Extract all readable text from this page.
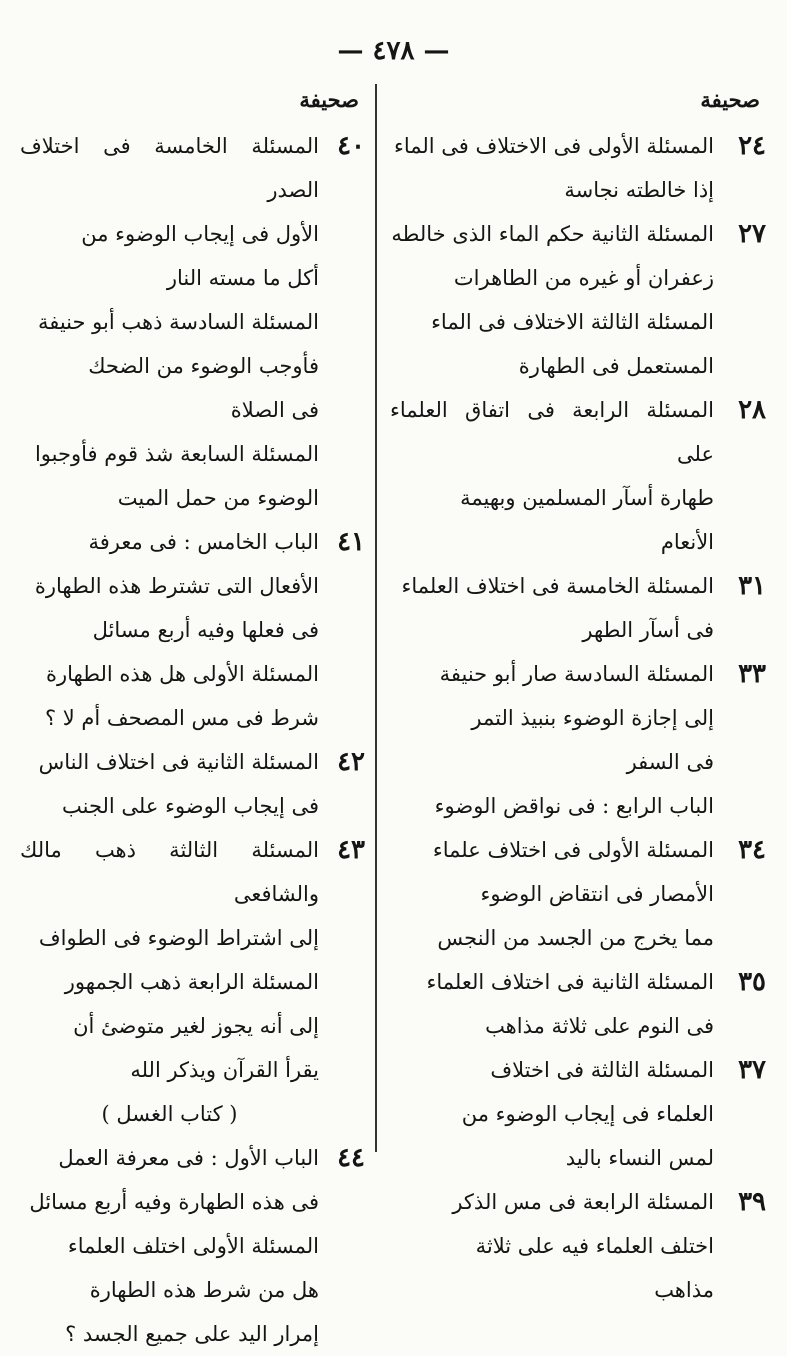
— ٤٧٨ —
صحيفة
٢٤
المسئلة الأولى فى الاختلاف فى الماء
إذا خالطته نجاسة
٢٧
المسئلة الثانية حكم الماء الذى خالطه
زعفران أو غيره من الطاهرات
المسئلة الثالثة الاختلاف فى الماء
المستعمل فى الطهارة
٢٨
المسئلة الرابعة فى اتفاق العلماء على
طهارة أسآر المسلمين وبهيمة
الأنعام
٣١
المسئلة الخامسة فى اختلاف العلماء
فى أسآر الطهر
٣٣
المسئلة السادسة صار أبو حنيفة
إلى إجازة الوضوء بنبيذ التمر
فى السفر
الباب الرابع : فى نواقض الوضوء
٣٤
المسئلة الأولى فى اختلاف علماء
الأمصار فى انتقاض الوضوء
مما يخرج من الجسد من النجس
٣٥
المسئلة الثانية فى اختلاف العلماء
فى النوم على ثلاثة مذاهب
٣٧
المسئلة الثالثة فى اختلاف
العلماء فى إيجاب الوضوء من
لمس النساء باليد
٣٩
المسئلة الرابعة فى مس الذكر
اختلف العلماء فيه على ثلاثة
مذاهب
صحيفة
٤٠
المسئلة الخامسة فى اختلاف الصدر
الأول فى إيجاب الوضوء من
أكل ما مسته النار
المسئلة السادسة ذهب أبو حنيفة
فأوجب الوضوء من الضحك
فى الصلاة
المسئلة السابعة شذ قوم فأوجبوا
الوضوء من حمل الميت
٤١
الباب الخامس : فى معرفة
الأفعال التى تشترط هذه الطهارة
فى فعلها وفيه أربع مسائل
المسئلة الأولى هل هذه الطهارة
شرط فى مس المصحف أم لا ؟
٤٢
المسئلة الثانية فى اختلاف الناس
فى إيجاب الوضوء على الجنب
٤٣
المسئلة الثالثة ذهب مالك والشافعى
إلى اشتراط الوضوء فى الطواف
المسئلة الرابعة ذهب الجمهور
إلى أنه يجوز لغير متوضئ أن
يقرأ القرآن ويذكر الله
( كتاب الغسل )
٤٤
الباب الأول : فى معرفة العمل
فى هذه الطهارة وفيه أربع مسائل
المسئلة الأولى اختلف العلماء
هل من شرط هذه الطهارة
إمرار اليد على جميع الجسد ؟
